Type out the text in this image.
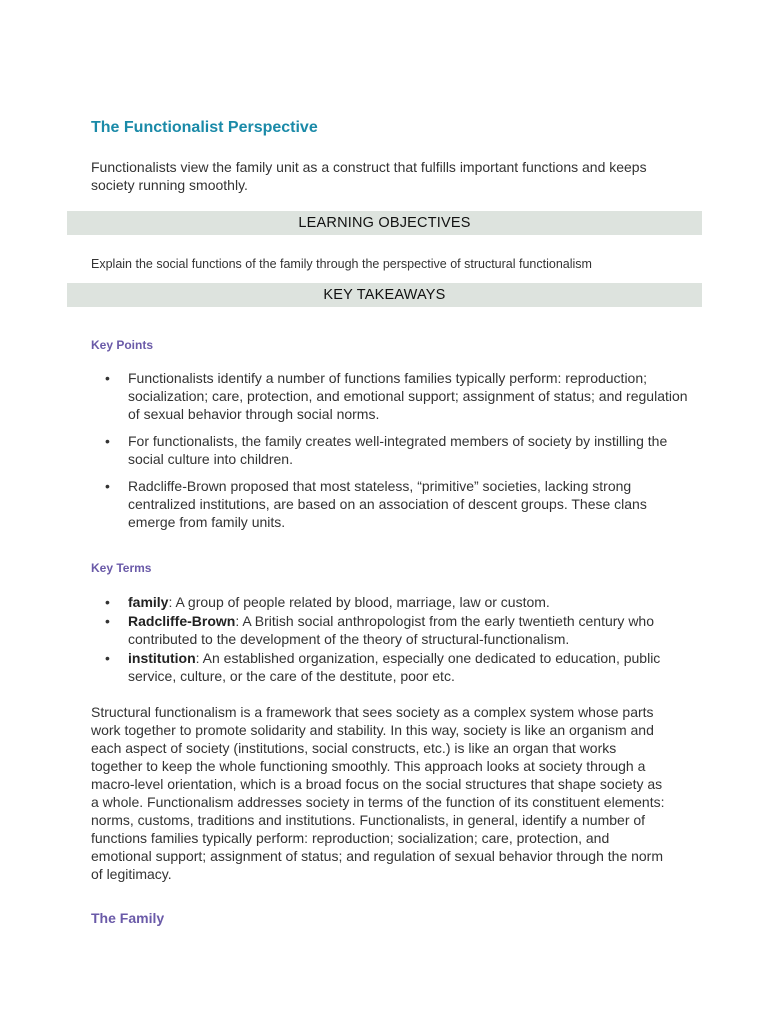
The Functionalist Perspective

Functionalists view the family unit as a construct that fulfills important functions and keeps society running smoothly.

LEARNING OBJECTIVES

Explain the social functions of the family through the perspective of structural functionalism

KEY TAKEAWAYS
Key Points
• Functionalists identify a number of functions families typically perform: reproduction; socialization; care, protection, and emotional support; assignment of status; and regulation of sexual behavior through social norms.
• For functionalists, the family creates well-integrated members of society by instilling the social culture into children.
• Radcliffe-Brown proposed that most stateless, “primitive” societies, lacking strong centralized institutions, are based on an association of descent groups. These clans emerge from family units.
Key Terms
• family: A group of people related by blood, marriage, law or custom.
• Radcliffe-Brown: A British social anthropologist from the early twentieth century who contributed to the development of the theory of structural-functionalism.
• institution: An established organization, especially one dedicated to education, public service, culture, or the care of the destitute, poor etc.

Structural functionalism is a framework that sees society as a complex system whose parts work together to promote solidarity and stability. In this way, society is like an organism and each aspect of society (institutions, social constructs, etc.) is like an organ that works together to keep the whole functioning smoothly. This approach looks at society through a macro-level orientation, which is a broad focus on the social structures that shape society as a whole. Functionalism addresses society in terms of the function of its constituent elements: norms, customs, traditions and institutions. Functionalists, in general, identify a number of functions families typically perform: reproduction; socialization; care, protection, and emotional support; assignment of status; and regulation of sexual behavior through the norm of legitimacy.

The Family
